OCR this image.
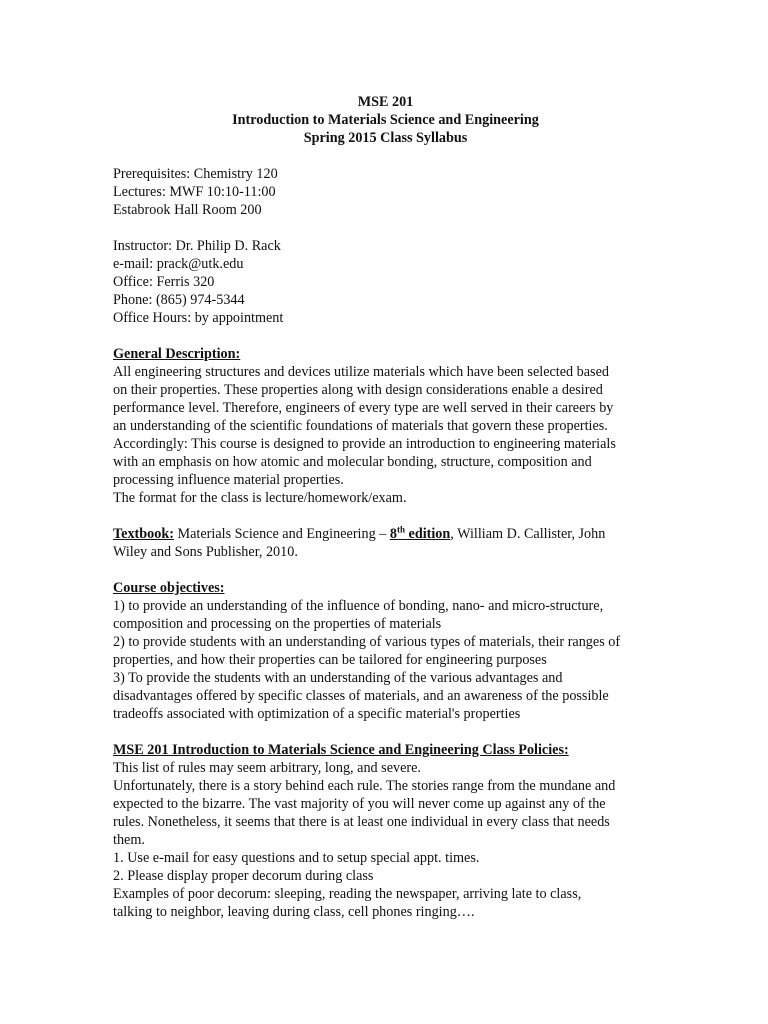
MSE 201
Introduction to Materials Science and Engineering
Spring 2015 Class Syllabus
Prerequisites: Chemistry 120
Lectures: MWF 10:10-11:00
Estabrook Hall Room 200
Instructor: Dr. Philip D. Rack
e-mail: prack@utk.edu
Office: Ferris 320
Phone: (865) 974-5344
Office Hours: by appointment
General Description:
All engineering structures and devices utilize materials which have been selected based
on their properties. These properties along with design considerations enable a desired
performance level. Therefore, engineers of every type are well served in their careers by
an understanding of the scientific foundations of materials that govern these properties.
Accordingly: This course is designed to provide an introduction to engineering materials
with an emphasis on how atomic and molecular bonding, structure, composition and
processing influence material properties.
The format for the class is lecture/homework/exam.
Textbook: Materials Science and Engineering – 8th edition, William D. Callister, John
Wiley and Sons Publisher, 2010.
Course objectives:
1) to provide an understanding of the influence of bonding, nano- and micro-structure,
composition and processing on the properties of materials
2) to provide students with an understanding of various types of materials, their ranges of
properties, and how their properties can be tailored for engineering purposes
3) To provide the students with an understanding of the various advantages and
disadvantages offered by specific classes of materials, and an awareness of the possible
tradeoffs associated with optimization of a specific material's properties
MSE 201 Introduction to Materials Science and Engineering Class Policies:
This list of rules may seem arbitrary, long, and severe.
Unfortunately, there is a story behind each rule. The stories range from the mundane and
expected to the bizarre. The vast majority of you will never come up against any of the
rules. Nonetheless, it seems that there is at least one individual in every class that needs
them.
1. Use e-mail for easy questions and to setup special appt. times.
2. Please display proper decorum during class
Examples of poor decorum: sleeping, reading the newspaper, arriving late to class,
talking to neighbor, leaving during class, cell phones ringing….
